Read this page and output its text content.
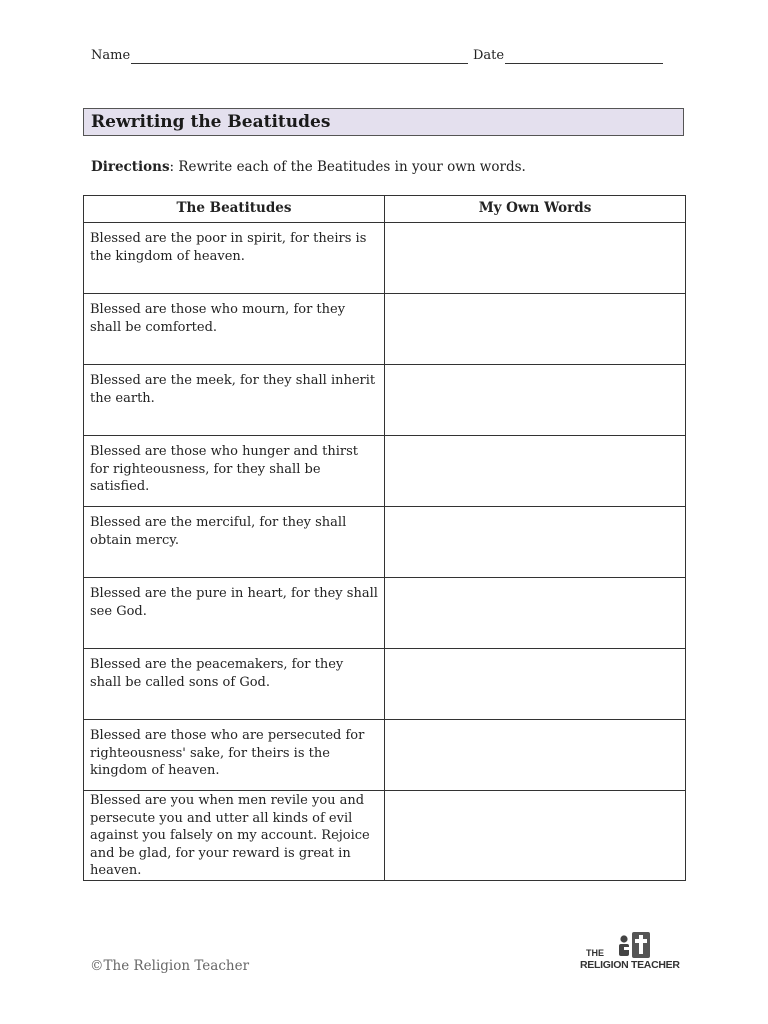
Name	Date
Rewriting the Beatitudes
Directions: Rewrite each of the Beatitudes in your own words.
The Beatitudes	My Own Words
Blessed are the poor in spirit, for theirs is the kingdom of heaven.	
Blessed are those who mourn, for they shall be comforted.	
Blessed are the meek, for they shall inherit the earth.	
Blessed are those who hunger and thirst for righteousness, for they shall be satisfied.	
Blessed are the merciful, for they shall obtain mercy.	
Blessed are the pure in heart, for they shall see God.	
Blessed are the peacemakers, for they shall be called sons of God.	
Blessed are those who are persecuted for righteousness' sake, for theirs is the kingdom of heaven.	
Blessed are you when men revile you and persecute you and utter all kinds of evil against you falsely on my account. Rejoice and be glad, for your reward is great in heaven.	
©The Religion Teacher
THE
RELIGION TEACHER
